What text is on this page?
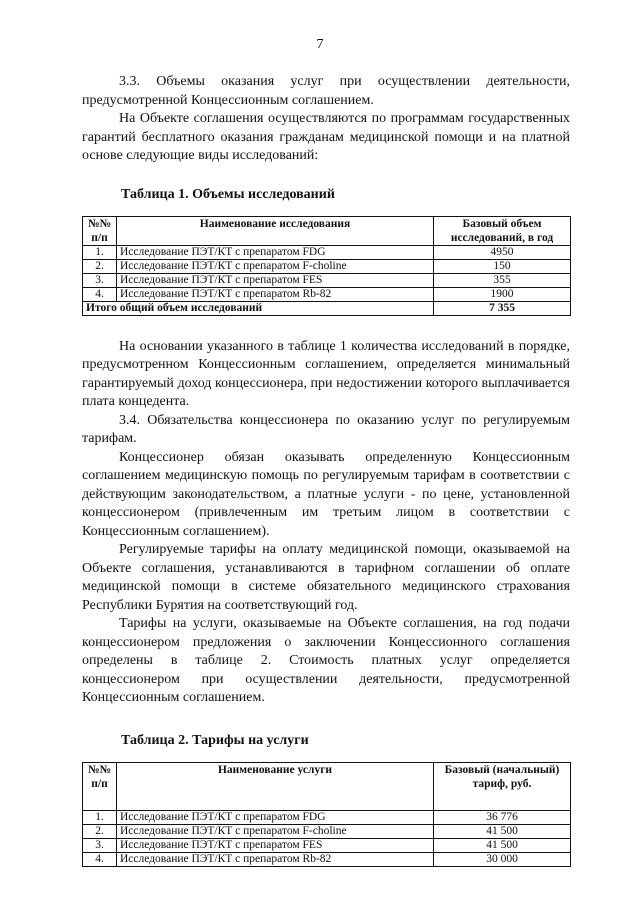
7

3.3. Объемы оказания услуг при осуществлении деятельности, предусмотренной Концессионным соглашением.

На Объекте соглашения осуществляются по программам государственных гарантий бесплатного оказания гражданам медицинской помощи и на платной основе следующие виды исследований:

Таблица 1. Объемы исследований

№№ п/п	Наименование исследования	Базовый объем исследований, в год
1.	Исследование ПЭТ/КТ с препаратом FDG	4950
2.	Исследование ПЭТ/КТ с препаратом F-choline	150
3.	Исследование ПЭТ/КТ с препаратом FES	355
4.	Исследование ПЭТ/КТ с препаратом Rb-82	1900
Итого общий объем исследований		7 355

На основании указанного в таблице 1 количества исследований в порядке, предусмотренном Концессионным соглашением, определяется минимальный гарантируемый доход концессионера, при недостижении которого выплачивается плата концедента.

3.4. Обязательства концессионера по оказанию услуг по регулируемым тарифам.

Концессионер обязан оказывать определенную Концессионным соглашением медицинскую помощь по регулируемым тарифам в соответствии с действующим законодательством, а платные услуги - по цене, установленной концессионером (привлеченным им третьим лицом в соответствии с Концессионным соглашением).

Регулируемые тарифы на оплату медицинской помощи, оказываемой на Объекте соглашения, устанавливаются в тарифном соглашении об оплате медицинской помощи в системе обязательного медицинского страхования Республики Бурятия на соответствующий год.

Тарифы на услуги, оказываемые на Объекте соглашения, на год подачи концессионером предложения о заключении Концессионного соглашения определены в таблице 2. Стоимость платных услуг определяется концессионером при осуществлении деятельности, предусмотренной Концессионным соглашением.

Таблица 2. Тарифы на услуги

№№ п/п	Наименование услуги	Базовый (начальный) тариф, руб.
1.	Исследование ПЭТ/КТ с препаратом FDG	36 776
2.	Исследование ПЭТ/КТ с препаратом F-choline	41 500
3.	Исследование ПЭТ/КТ с препаратом FES	41 500
4.	Исследование ПЭТ/КТ с препаратом Rb-82	30 000
